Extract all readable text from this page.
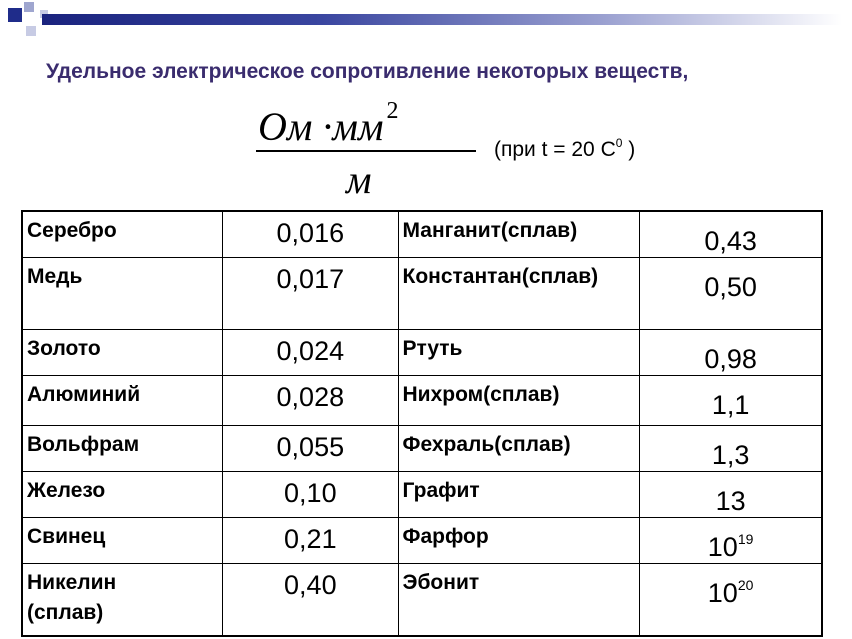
Удельное электрическое сопротивление некоторых веществ,
Ом ·мм $^2$
м
(при t = 20 $C^0$ )
Серебро	0,016	Манганит(сплав)	0,43
Медь	0,017	Константан(сплав)	0,50
Золото	0,024	Ртуть	0,98
Алюминий	0,028	Нихром(сплав)	1,1
Вольфрам	0,055	Фехраль(сплав)	1,3
Железо	0,10	Графит	13
Свинец	0,21	Фарфор	$10^{19}$
Никелин (сплав)	0,40	Эбонит	$10^{20}$
